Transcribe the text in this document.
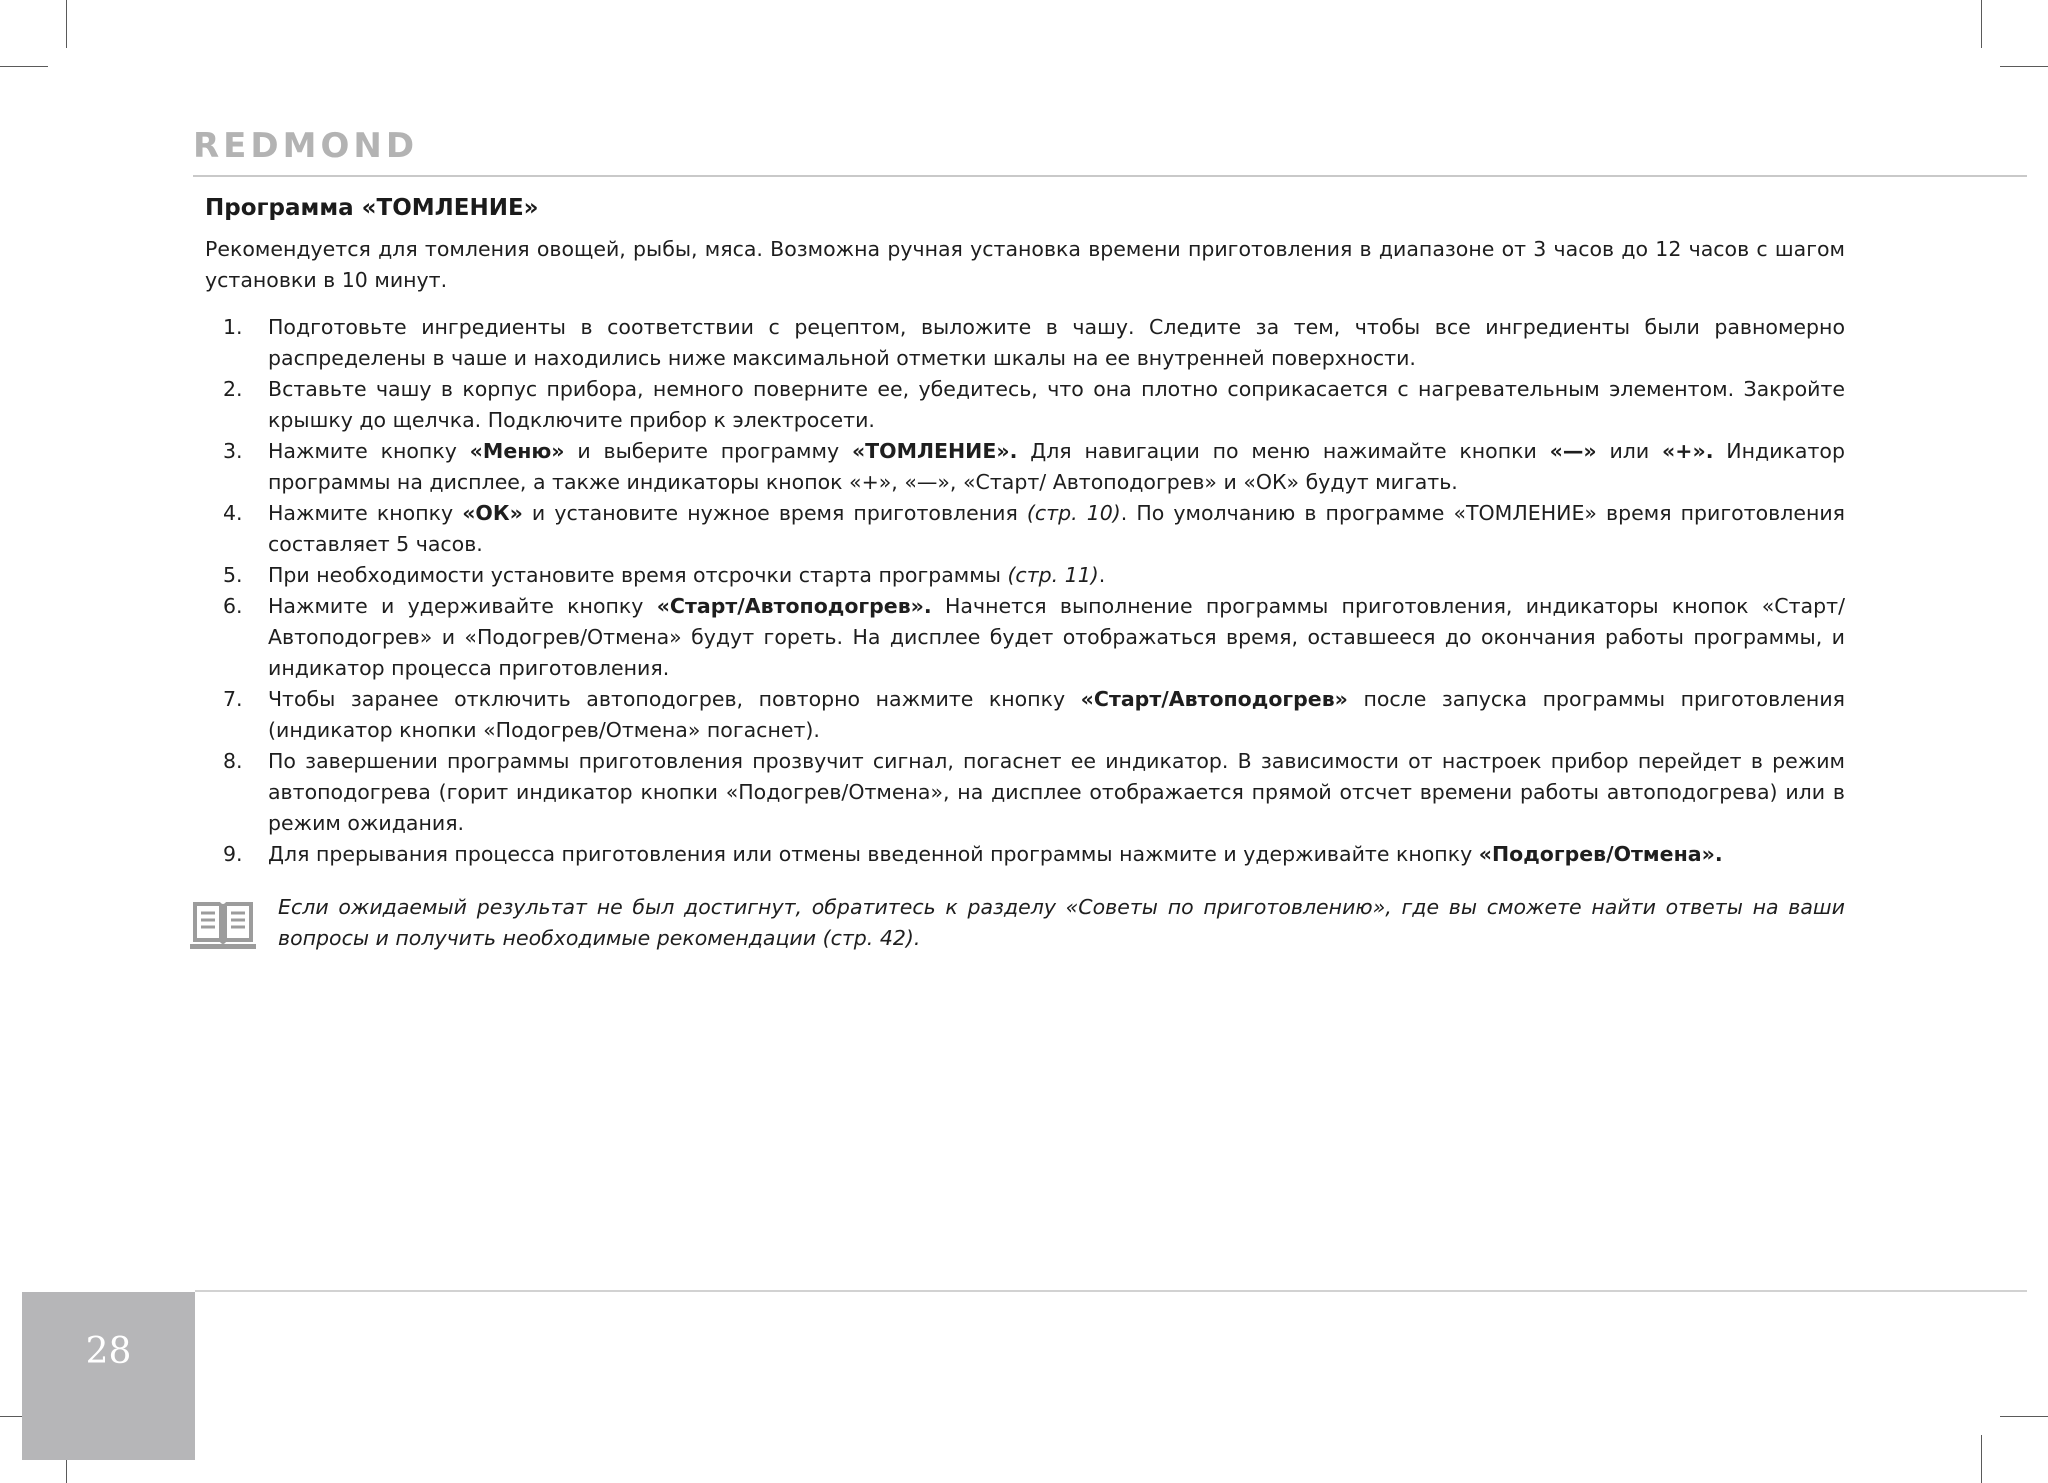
REDMOND
Программа «ТОМЛЕНИЕ»

Рекомендуется для томления овощей, рыбы, мяса. Возможна ручная установка времени приготовления в диапазоне от 3 часов до 12 часов с шагом установки в 10 минут.

1. Подготовьте ингредиенты в соответствии с рецептом, выложите в чашу. Следите за тем, чтобы все ингредиенты были равномерно распределены в чаше и находились ниже максимальной отметки шкалы на ее внутренней поверхности.
2. Вставьте чашу в корпус прибора, немного поверните ее, убедитесь, что она плотно соприкасается с нагревательным элементом. Закройте крышку до щелчка. Подключите прибор к электросети.
3. Нажмите кнопку «Меню» и выберите программу «ТОМЛЕНИЕ». Для навигации по меню нажимайте кнопки «—» или «+». Индикатор программы на дисплее, а также индикаторы кнопок «+», «—», «Старт/ Автоподогрев» и «ОК» будут мигать.
4. Нажмите кнопку «ОК» и установите нужное время приготовления (стр. 10). По умолчанию в программе «ТОМЛЕНИЕ» время приготовления составляет 5 часов.
5. При необходимости установите время отсрочки старта программы (стр. 11).
6. Нажмите и удерживайте кнопку «Старт/Автоподогрев». Начнется выполнение программы приготовления, индикаторы кнопок «Старт/ Автоподогрев» и «Подогрев/Отмена» будут гореть. На дисплее будет отображаться время, оставшееся до окончания работы программы, и индикатор процесса приготовления.
7. Чтобы заранее отключить автоподогрев, повторно нажмите кнопку «Старт/Автоподогрев» после запуска программы приготовления (индикатор кнопки «Подогрев/Отмена» погаснет).
8. По завершении программы приготовления прозвучит сигнал, погаснет ее индикатор. В зависимости от настроек прибор перейдет в режим автоподогрева (горит индикатор кнопки «Подогрев/Отмена», на дисплее отображается прямой отсчет времени работы автоподогрева) или в режим ожидания.
9. Для прерывания процесса приготовления или отмены введенной программы нажмите и удерживайте кнопку «Подогрев/Отмена».
Если ожидаемый результат не был достигнут, обратитесь к разделу «Советы по приготовлению», где вы сможете найти ответы на ваши вопросы и получить необходимые рекомендации (стр. 42).
28
